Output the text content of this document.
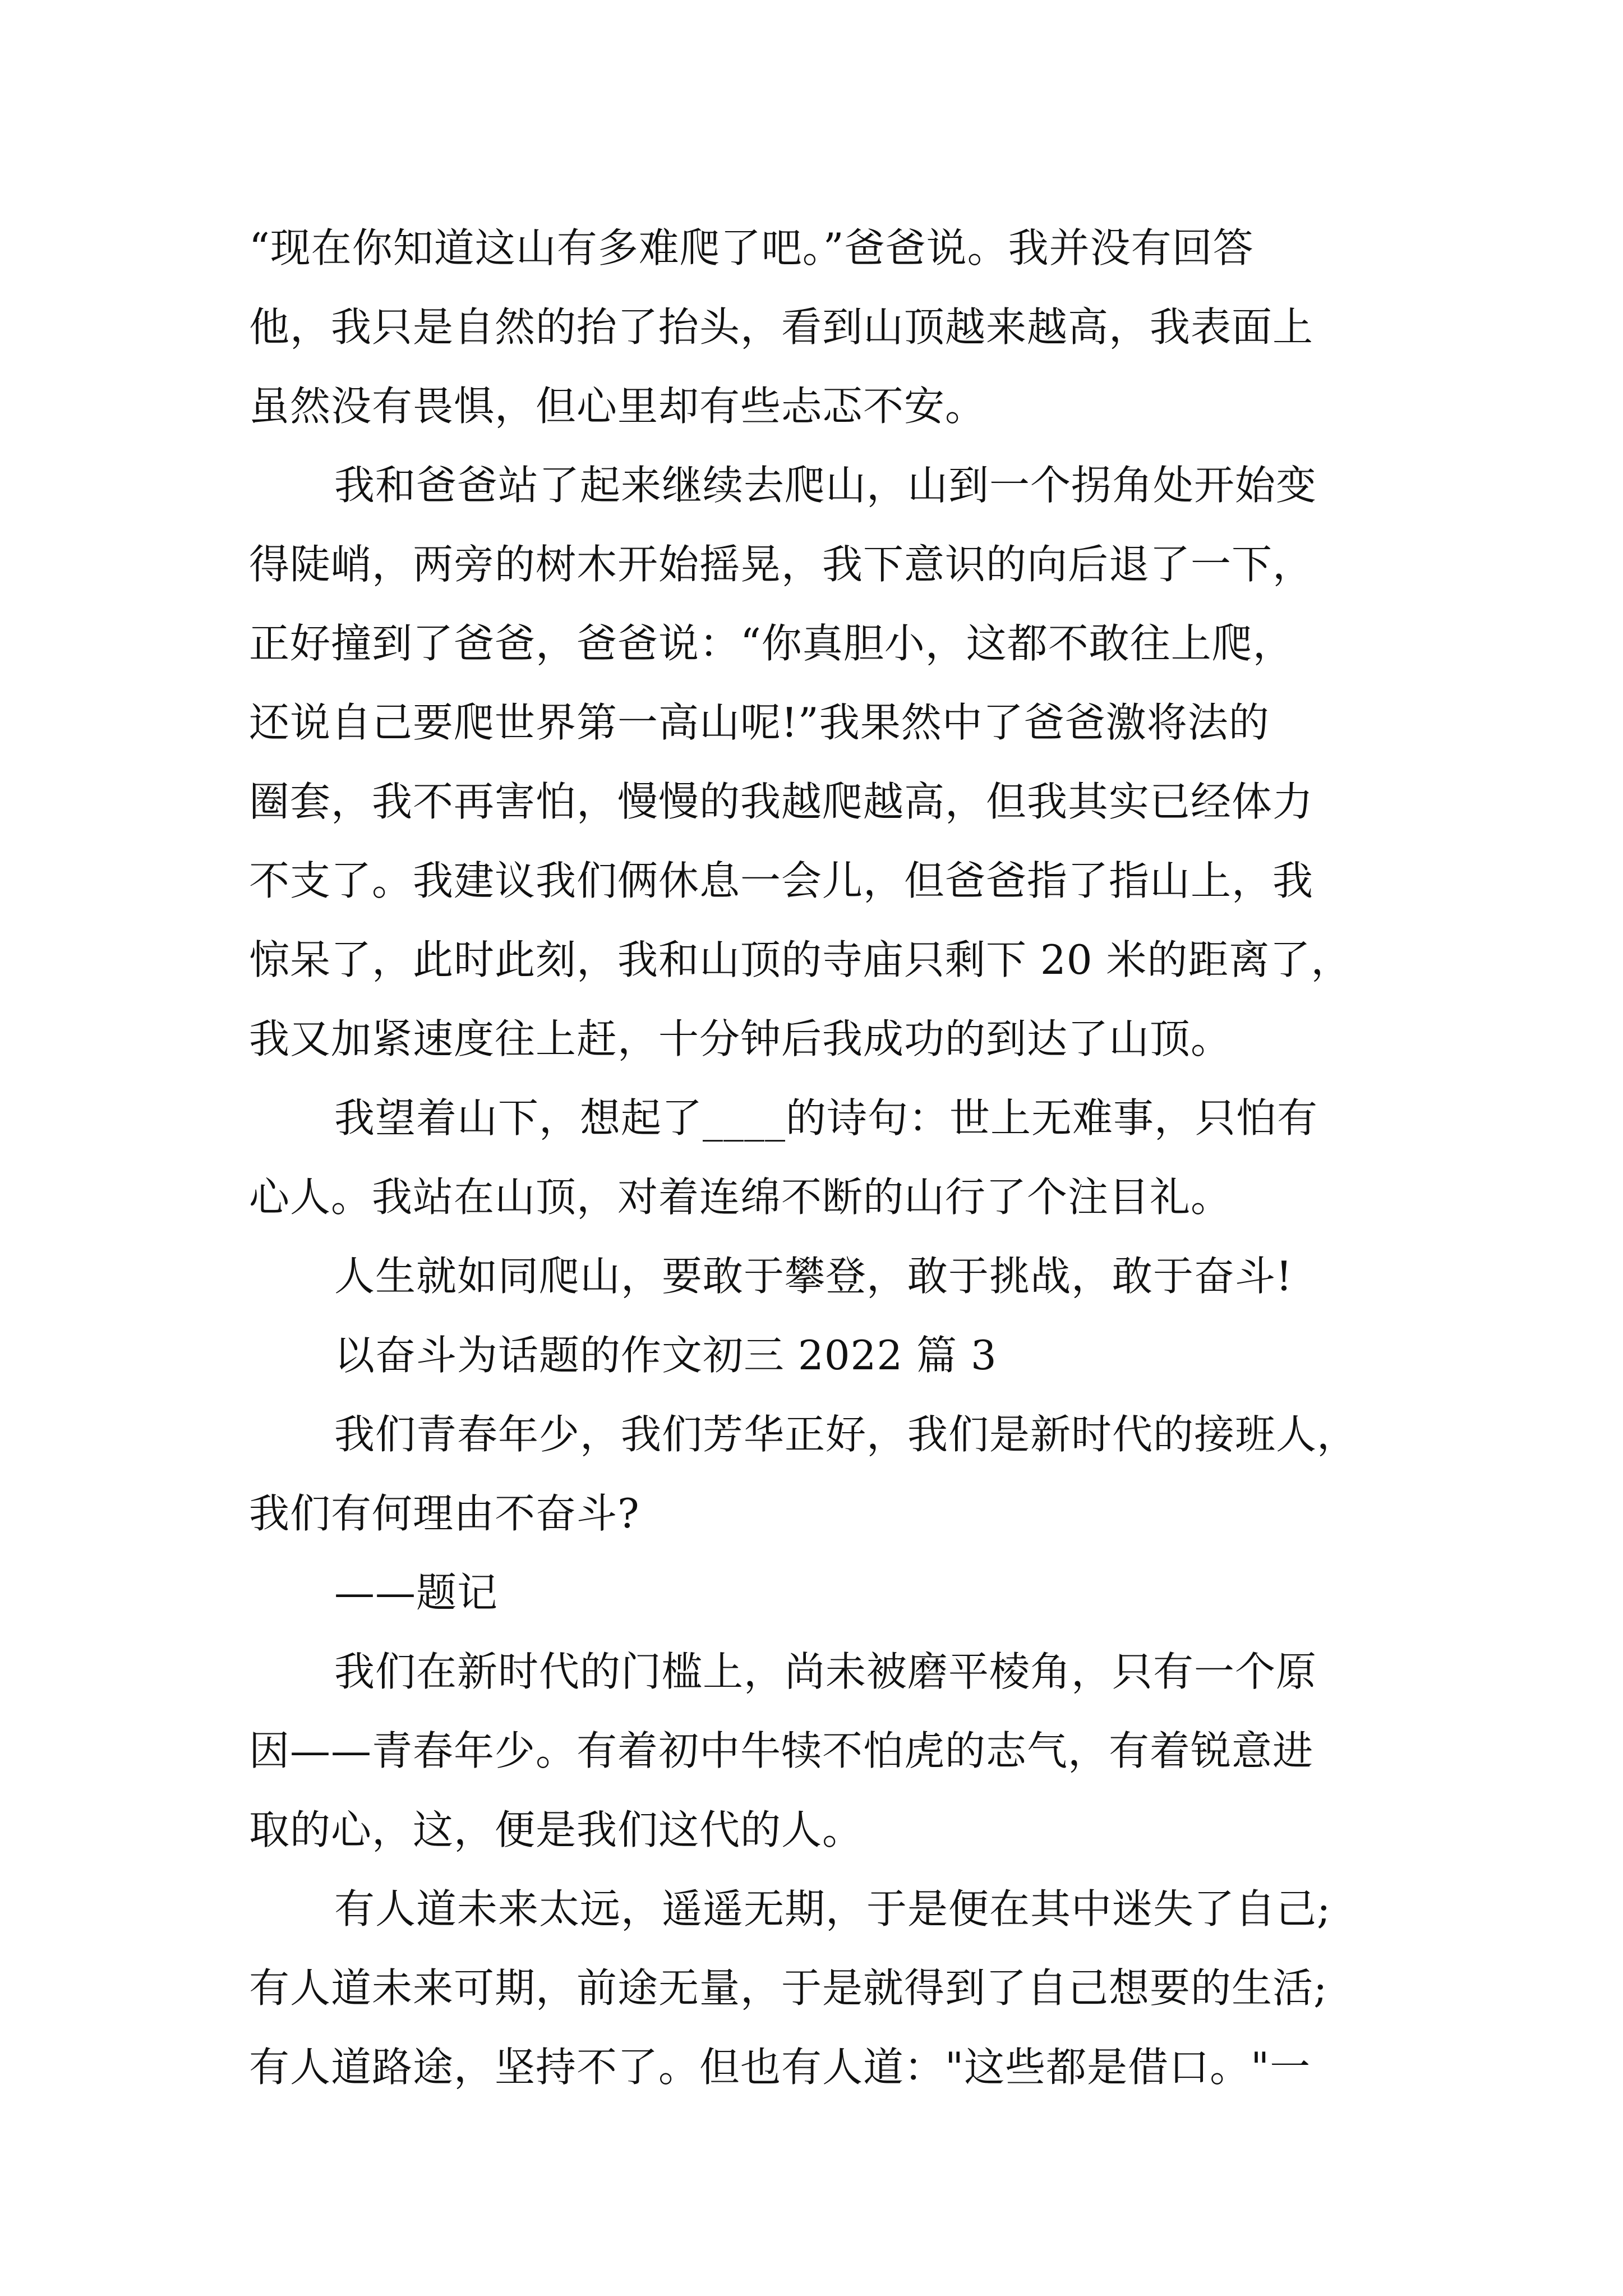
“现在你知道这山有多难爬了吧。”爸爸说。我并没有回答
他，我只是自然的抬了抬头，看到山顶越来越高，我表面上
虽然没有畏惧，但心里却有些忐忑不安。
我和爸爸站了起来继续去爬山，山到一个拐角处开始变
得陡峭，两旁的树木开始摇晃，我下意识的向后退了一下，
正好撞到了爸爸，爸爸说：“你真胆小，这都不敢往上爬，
还说自己要爬世界第一高山呢!”我果然中了爸爸激将法的
圈套，我不再害怕，慢慢的我越爬越高，但我其实已经体力
不支了。我建议我们俩休息一会儿，但爸爸指了指山上，我
惊呆了，此时此刻，我和山顶的寺庙只剩下 20 米的距离了，
我又加紧速度往上赶，十分钟后我成功的到达了山顶。
我望着山下，想起了____的诗句：世上无难事，只怕有
心人。我站在山顶，对着连绵不断的山行了个注目礼。
人生就如同爬山，要敢于攀登，敢于挑战，敢于奋斗!
以奋斗为话题的作文初三 2022 篇 3
我们青春年少，我们芳华正好，我们是新时代的接班人，
我们有何理由不奋斗?
——题记
我们在新时代的门槛上，尚未被磨平棱角，只有一个原
因——青春年少。有着初中牛犊不怕虎的志气，有着锐意进
取的心，这，便是我们这代的人。
有人道未来太远，遥遥无期，于是便在其中迷失了自己;
有人道未来可期，前途无量，于是就得到了自己想要的生活;
有人道路途，坚持不了。但也有人道："这些都是借口。"一
